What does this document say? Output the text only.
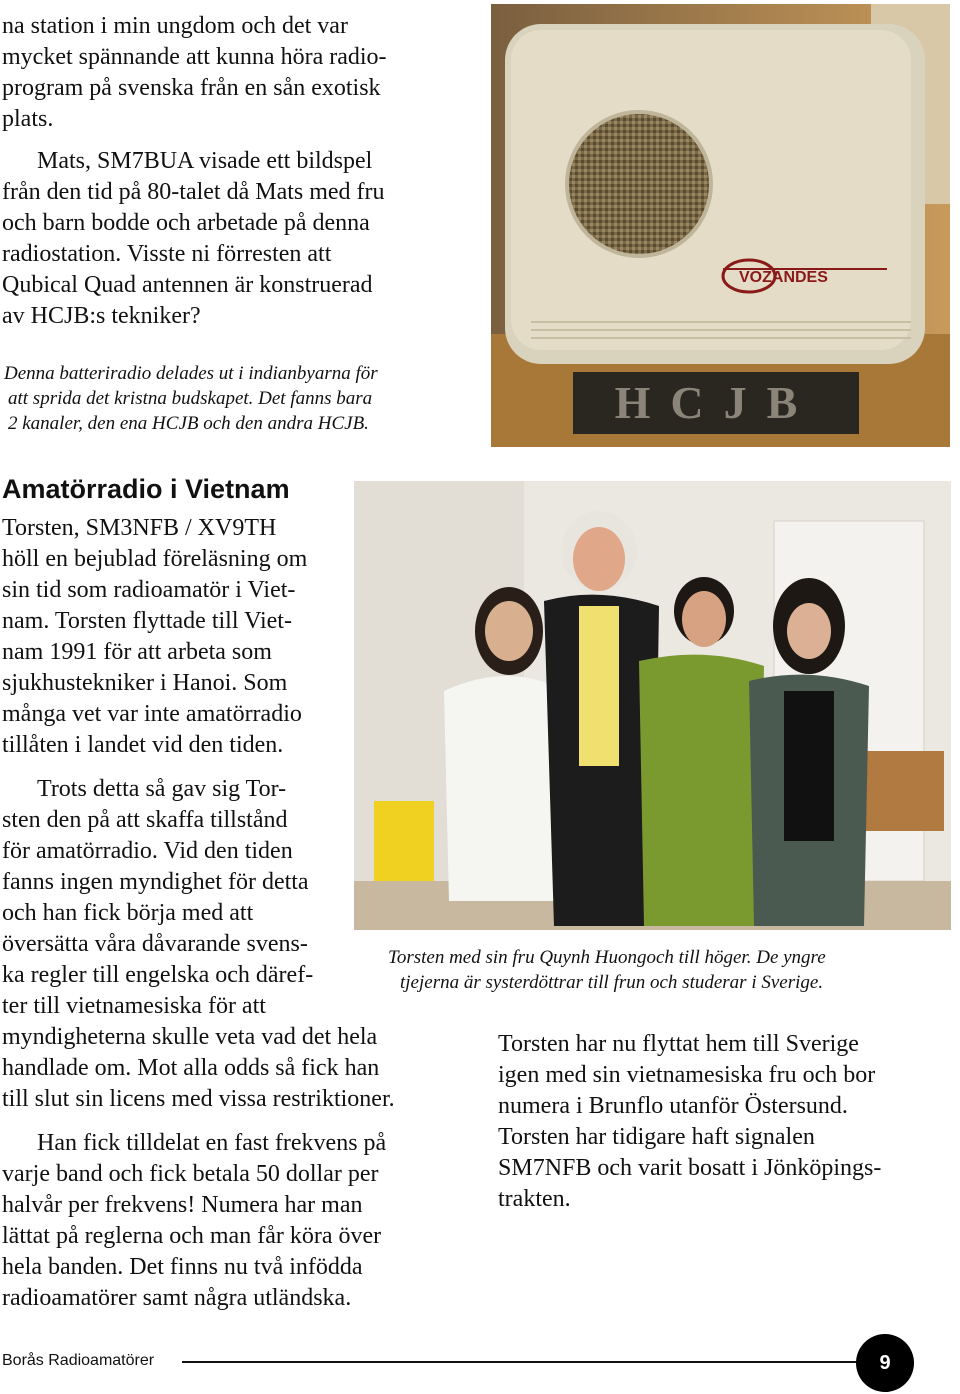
na station i min ungdom och det var
mycket spännande att kunna höra radio-
program på svenska från en sån exotisk
plats.
Mats, SM7BUA visade ett bildspel
från den tid på 80-talet då Mats med fru
och barn bodde och arbetade på denna
radiostation. Visste ni förresten att
Qubical Quad antennen är konstruerad
av HCJB:s tekniker?
Denna batteriradio delades ut i indianbyarna för
att sprida det kristna budskapet. Det fanns bara
2 kanaler, den ena HCJB och den andra HCJB.
VOZANDES
HCJB
Amatörradio i Vietnam
Torsten, SM3NFB / XV9TH
höll en bejublad föreläsning om
sin tid som radioamatör i Viet-
nam. Torsten flyttade till Viet-
nam 1991 för att arbeta som
sjukhustekniker i Hanoi. Som
många vet var inte amatörradio
tillåten i landet vid den tiden.
Trots detta så gav sig Tor-
sten den på att skaffa tillstånd
för amatörradio. Vid den tiden
fanns ingen myndighet för detta
och han fick börja med att
översätta våra dåvarande svens-
ka regler till engelska och däref-
ter till vietnamesiska för att
myndigheterna skulle veta vad det hela
handlade om. Mot alla odds så fick han
till slut sin licens med vissa restriktioner.
Han fick tilldelat en fast frekvens på
varje band och fick betala 50 dollar per
halvår per frekvens! Numera har man
lättat på reglerna och man får köra över
hela banden. Det finns nu två infödda
radioamatörer samt några utländska.
Torsten med sin fru Quynh Huongoch till höger. De yngre
tjejerna är systerdöttrar till frun och studerar i Sverige.
Torsten har nu flyttat hem till Sverige
igen med sin vietnamesiska fru och bor
numera i Brunflo utanför Östersund.
Torsten har tidigare haft signalen
SM7NFB och varit bosatt i Jönköpings-
trakten.
Borås Radioamatörer	9
